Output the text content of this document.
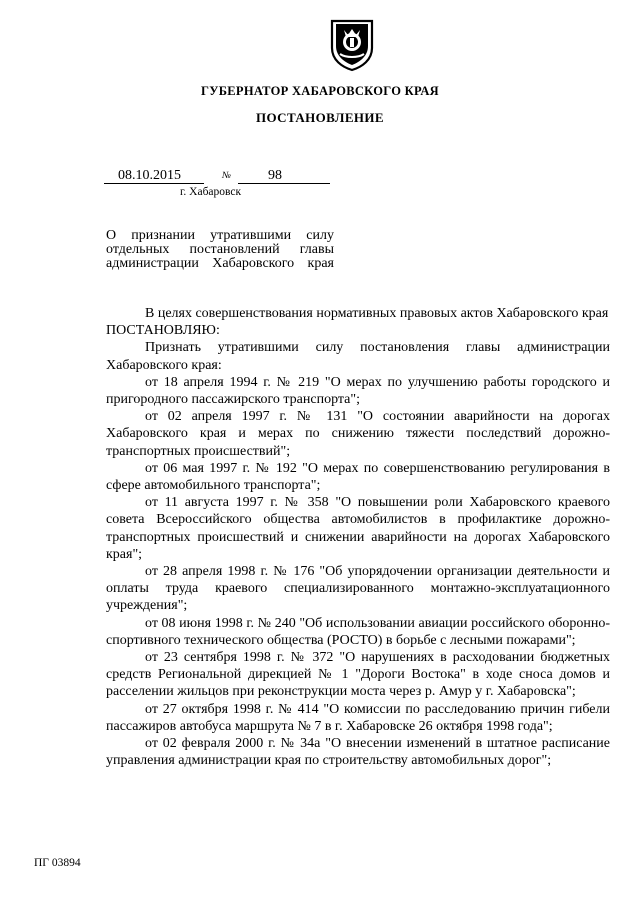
ГУБЕРНАТОР ХАБАРОВСКОГО КРАЯ
ПОСТАНОВЛЕНИЕ
08.10.2015	№	98
г. Хабаровск
О признании утратившими силу
отдельных постановлений главы
администрации Хабаровского края

В целях совершенствования нормативных правовых актов Хабаровского края

ПОСТАНОВЛЯЮ:

Признать утратившими силу постановления главы администрации Хабаровского края:

от 18 апреля 1994 г. № 219 "О мерах по улучшению работы городского и пригородного пассажирского транспорта";

от 02 апреля 1997 г. № 131 "О состоянии аварийности на дорогах Хабаровского края и мерах по снижению тяжести последствий дорожно-транспортных происшествий";

от 06 мая 1997 г. № 192 "О мерах по совершенствованию регулирования в сфере автомобильного транспорта";

от 11 августа 1997 г. № 358 "О повышении роли Хабаровского краевого совета Всероссийского общества автомобилистов в профилактике дорожно-транспортных происшествий и снижении аварийности на дорогах Хабаровского края";

от 28 апреля 1998 г. № 176 "Об упорядочении организации деятельности и оплаты труда краевого специализированного монтажно-эксплуатационного учреждения";

от 08 июня 1998 г. № 240 "Об использовании авиации российского оборонно-спортивного технического общества (РОСТО) в борьбе с лесными пожарами";

от 23 сентября 1998 г. № 372 "О нарушениях в расходовании бюджетных средств Региональной дирекцией № 1 "Дороги Востока" в ходе сноса домов и расселении жильцов при реконструкции моста через р. Амур у г. Хабаровска";

от 27 октября 1998 г. № 414 "О комиссии по расследованию причин гибели пассажиров автобуса маршрута № 7 в г. Хабаровске 26 октября 1998 года";

от 02 февраля 2000 г. № 34а "О внесении изменений в штатное расписание управления администрации края по строительству автомобильных дорог";

ПГ 03894
